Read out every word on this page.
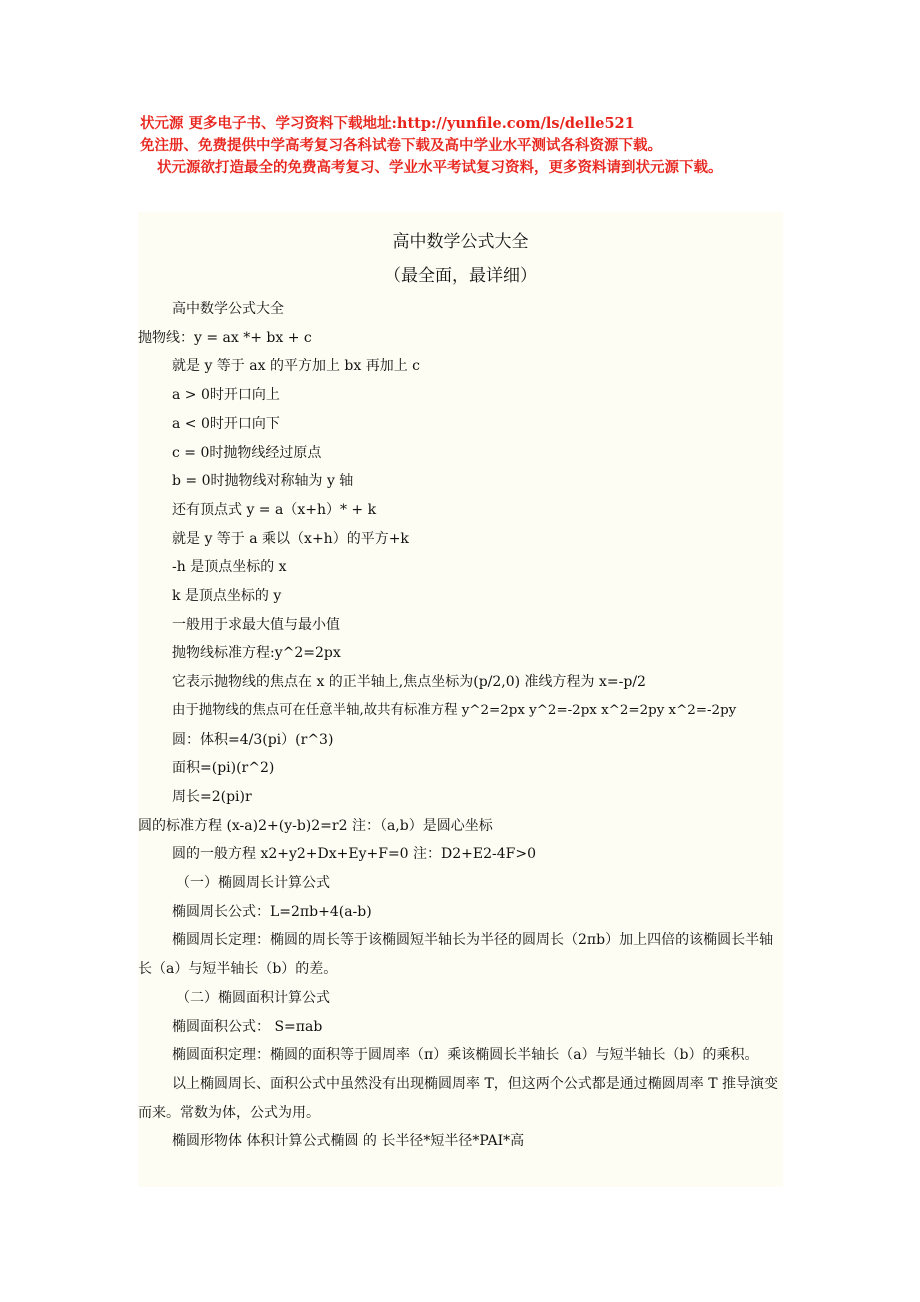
状元源 更多电子书、学习资料下载地址:http://yunfile.com/ls/delle521
免注册、免费提供中学高考复习各科试卷下载及高中学业水平测试各科资源下载。
状元源欲打造最全的免费高考复习、学业水平考试复习资料，更多资料请到状元源下载。
高中数学公式大全
（最全面，最详细）
高中数学公式大全
抛物线：y = ax *+ bx + c
就是 y 等于 ax 的平方加上 bx 再加上 c
a > 0时开口向上
a < 0时开口向下
c = 0时抛物线经过原点
b = 0时抛物线对称轴为 y 轴
还有顶点式 y = a（x+h）* + k
就是 y 等于 a 乘以（x+h）的平方+k
-h 是顶点坐标的 x
k 是顶点坐标的 y
一般用于求最大值与最小值
抛物线标准方程:y^2=2px
它表示抛物线的焦点在 x 的正半轴上,焦点坐标为(p/2,0) 准线方程为 x=-p/2
由于抛物线的焦点可在任意半轴,故共有标准方程 y^2=2px y^2=-2px x^2=2py x^2=-2py
圆：体积=4/3(pi）(r^3)
面积=(pi)(r^2)
周长=2(pi)r
圆的标准方程 (x-a)2+(y-b)2=r2 注：（a,b）是圆心坐标
圆的一般方程 x2+y2+Dx+Ey+F=0 注：D2+E2-4F>0
（一）椭圆周长计算公式
椭圆周长公式：L=2πb+4(a-b)
椭圆周长定理：椭圆的周长等于该椭圆短半轴长为半径的圆周长（2πb）加上四倍的该椭圆长半轴长（a）与短半轴长（b）的差。
（二）椭圆面积计算公式
椭圆面积公式： S=πab
椭圆面积定理：椭圆的面积等于圆周率（π）乘该椭圆长半轴长（a）与短半轴长（b）的乘积。
以上椭圆周长、面积公式中虽然没有出现椭圆周率 T，但这两个公式都是通过椭圆周率 T 推导演变而来。常数为体，公式为用。
椭圆形物体 体积计算公式椭圆 的 长半径*短半径*PAI*高
